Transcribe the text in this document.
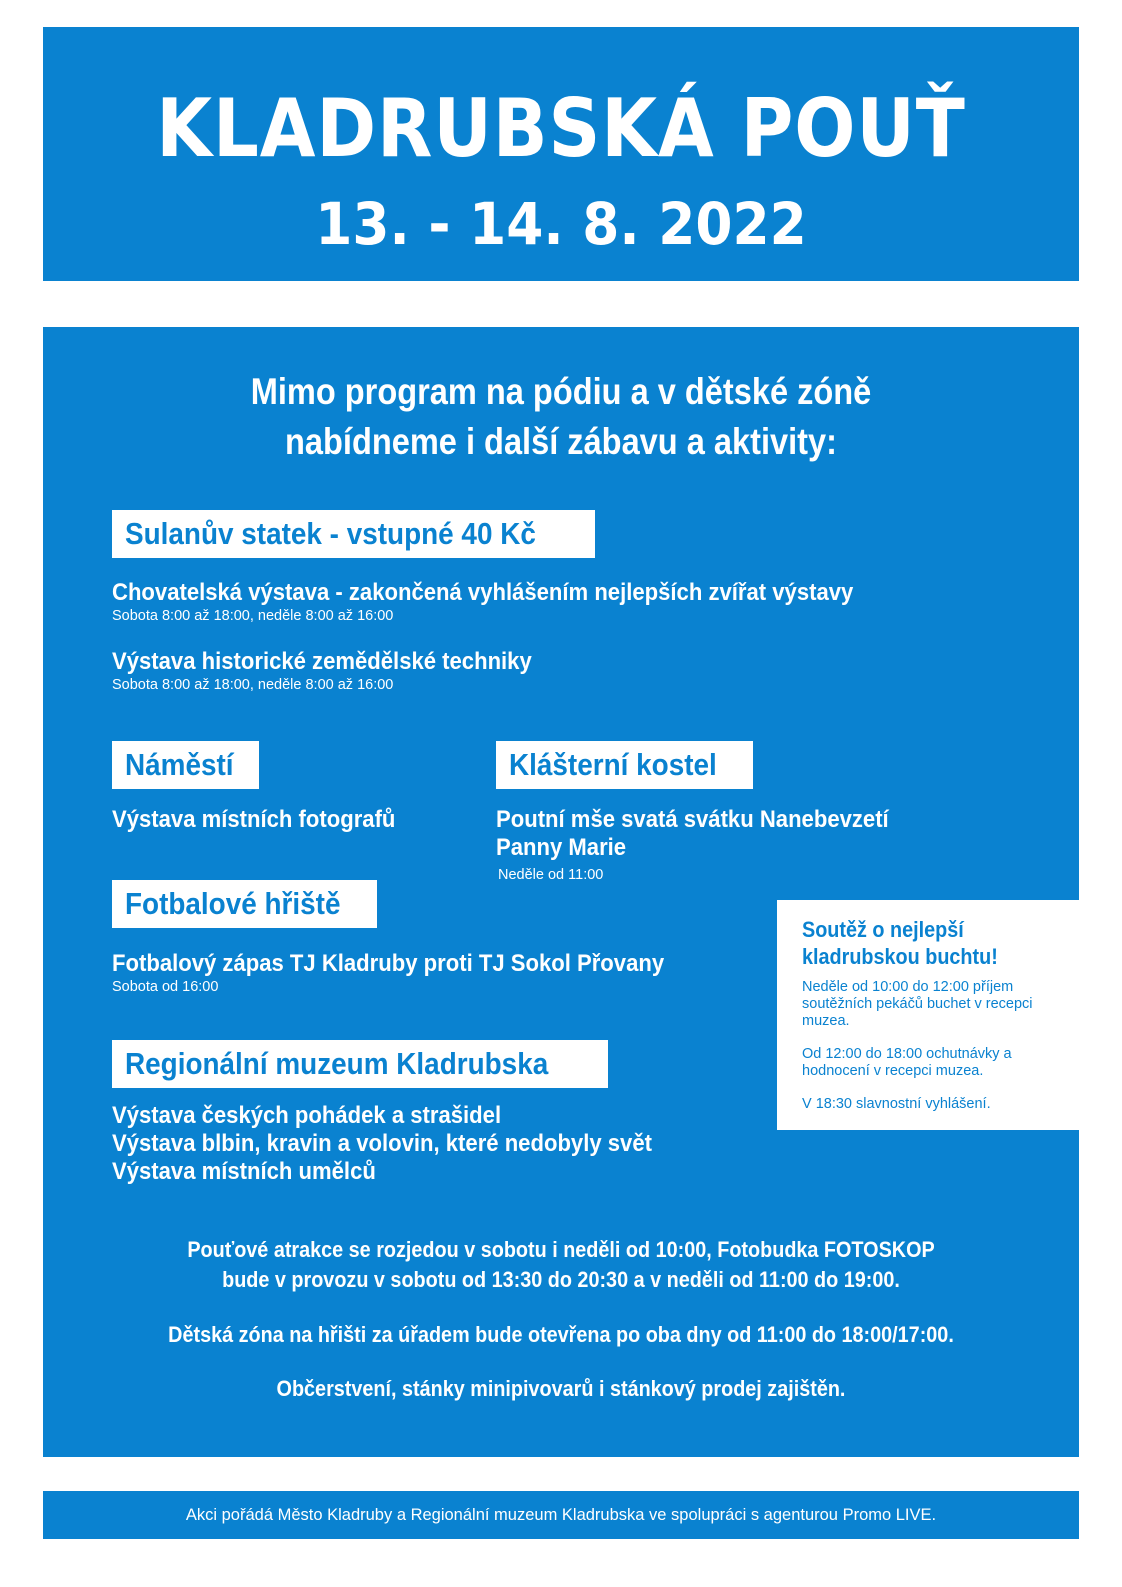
KLADRUBSKÁ POUŤ
13. - 14. 8. 2022
Mimo program na pódiu a v dětské zóně
nabídneme i další zábavu a aktivity:
Sulanův statek - vstupné 40 Kč
Chovatelská výstava - zakončená vyhlášením nejlepších zvířat výstavy
Sobota 8:00 až 18:00, neděle 8:00 až 16:00
Výstava historické zemědělské techniky
Sobota 8:00 až 18:00, neděle 8:00 až 16:00
Náměstí
Výstava místních fotografů
Klášterní kostel
Poutní mše svatá svátku Nanebevzetí
Panny Marie
Neděle od 11:00
Fotbalové hřiště
Fotbalový zápas TJ Kladruby proti TJ Sokol Přovany
Sobota od 16:00
Regionální muzeum Kladrubska
Výstava českých pohádek a strašidel
Výstava blbin, kravin a volovin, které nedobyly svět
Výstava místních umělců
Pouťové atrakce se rozjedou v sobotu i neděli od 10:00, Fotobudka FOTOSKOP
bude v provozu v sobotu od 13:30 do 20:30 a v neděli od 11:00 do 19:00.
Dětská zóna na hřišti za úřadem bude otevřena po oba dny od 11:00 do 18:00/17:00.
Občerstvení, stánky minipivovarů i stánkový prodej zajištěn.
Soutěž o nejlepší
kladrubskou buchtu!

Neděle od 10:00 do 12:00 příjem soutěžních pekáčů buchet v recepci muzea.

Od 12:00 do 18:00 ochutnávky a hodnocení v recepci muzea.

V 18:30 slavnostní vyhlášení.

Akci pořádá Město Kladruby a Regionální muzeum Kladrubska ve spolupráci s agenturou Promo LIVE.
